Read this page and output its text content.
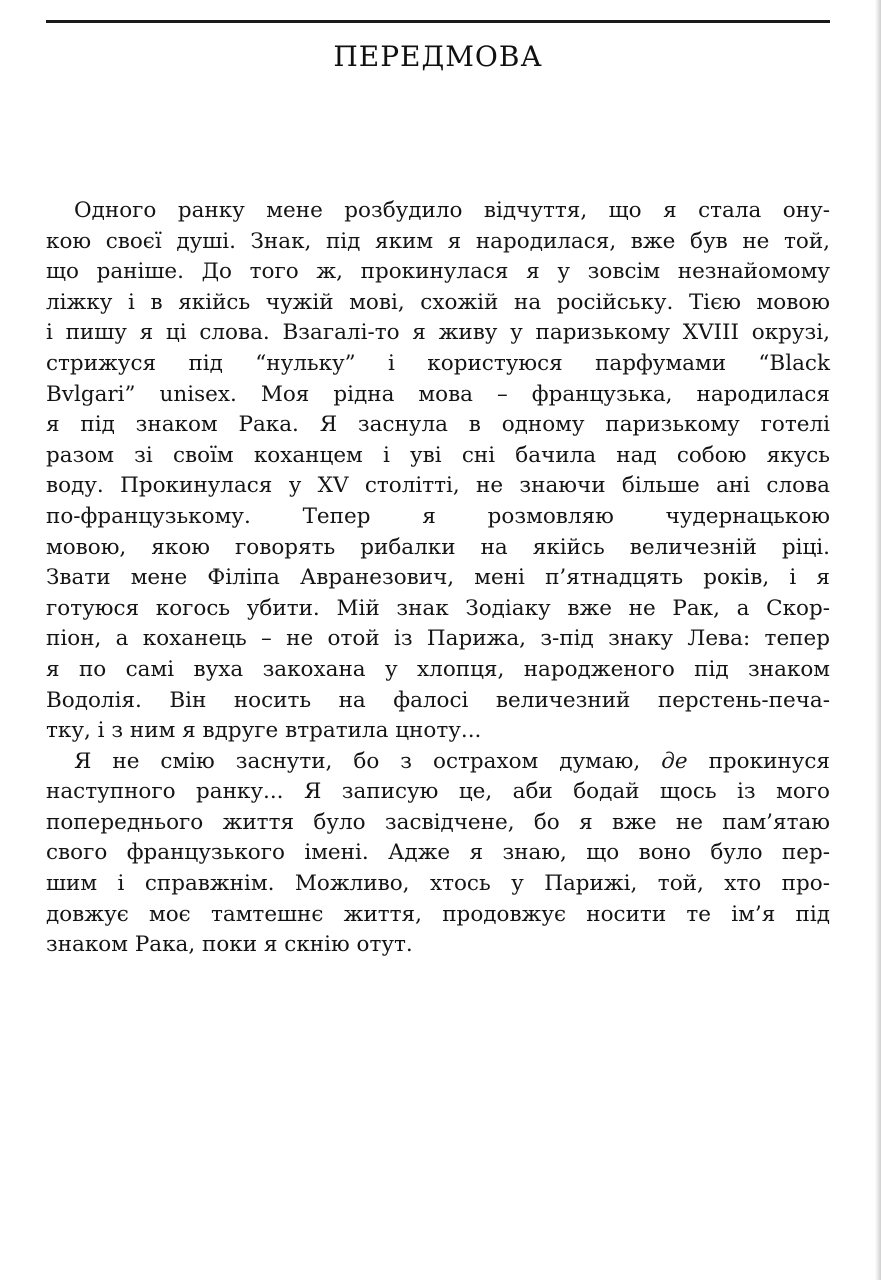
ПЕРЕДМОВА
Одного ранку мене розбудило відчуття, що я стала ону-
кою своєї душі. Знак, під яким я народилася, вже був не той,
що раніше. До того ж, прокинулася я у зовсім незнайомому
ліжку і в якійсь чужій мові, схожій на російську. Тією мовою
і пишу я ці слова. Взагалі-то я живу у паризькому XVIII окрузі,
стрижуся під “нульку” і користуюся парфумами “Black
Bvlgari” unisex. Моя рідна мова – французька, народилася
я під знаком Рака. Я заснула в одному паризькому готелі
разом зі своїм коханцем і уві сні бачила над собою якусь
воду. Прокинулася у XV столітті, не знаючи більше ані слова
по-французькому. Тепер я розмовляю чудернацькою
мовою, якою говорять рибалки на якійсь величезній ріці.
Звати мене Філіпа Авранезович, мені п’ятнадцять років, і я
готуюся когось убити. Мій знак Зодіаку вже не Рак, а Скор-
піон, а коханець – не отой із Парижа, з-під знаку Лева: тепер
я по самі вуха закохана у хлопця, народженого під знаком
Водолія. Він носить на фалосі величезний перстень-печа-
тку, і з ним я вдруге втратила цноту...
Я не смію заснути, бо з острахом думаю, де прокинуся
наступного ранку... Я записую це, аби бодай щось із мого
попереднього життя було засвідчене, бо я вже не пам’ятаю
свого французького імені. Адже я знаю, що воно було пер-
шим і справжнім. Можливо, хтось у Парижі, той, хто про-
довжує моє тамтешнє життя, продовжує носити те ім’я під
знаком Рака, поки я скнію отут.
